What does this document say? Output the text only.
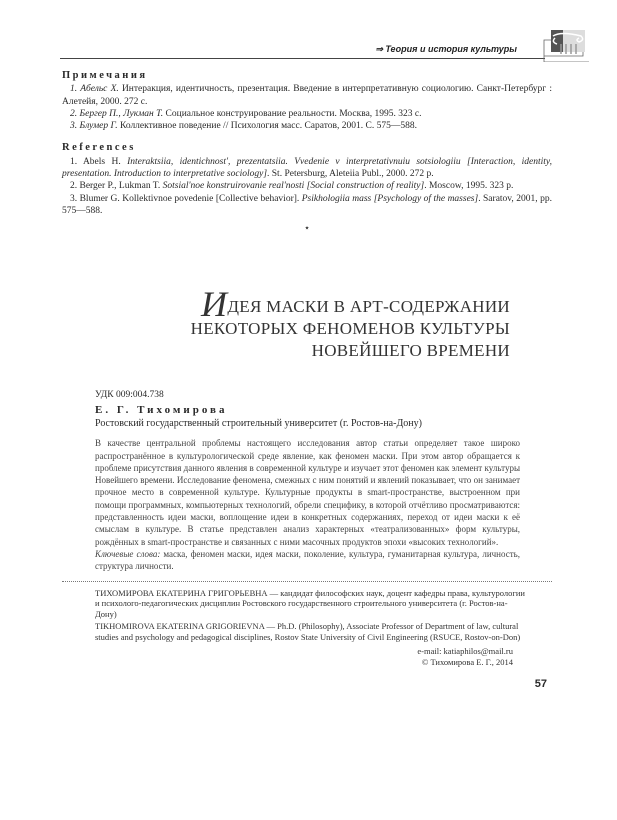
⇒ Теория и история культуры
Примечания
1. Абельс Х. Интеракция, идентичность, презентация. Введение в интерпретативную социологию. Санкт-Петербург : Алетейя, 2000. 272 с.
2. Бергер П., Лукман Т. Социальное конструирование реальности. Москва, 1995. 323 с.
3. Блумер Г. Коллективное поведение // Психология масс. Саратов, 2001. С. 575—588.
References
1. Abels H. Interaktsiia, identichnost', prezentatsiia. Vvedenie v interpretativnuiu sotsiologiiu [Interaction, identity, presentation. Introduction to interpretative sociology]. St. Petersburg, Aleteiia Publ., 2000. 272 p.
2. Berger P., Lukman T. Sotsial'noe konstruirovanie real'nosti [Social construction of reality]. Moscow, 1995. 323 p.
3. Blumer G. Kollektivnoe povedenie [Collective behavior]. Psikhologiia mass [Psychology of the masses]. Saratov, 2001, pp. 575—588.
⋆
ИДЕЯ МАСКИ В АРТ-СОДЕРЖАНИИ
НЕКОТОРЫХ ФЕНОМЕНОВ КУЛЬТУРЫ
НОВЕЙШЕГО ВРЕМЕНИ
УДК 009:004.738
Е. Г. Тихомирова
Ростовский государственный строительный университет (г. Ростов-на-Дону)
В качестве центральной проблемы настоящего исследования автор статьи определяет такое широко распространённое в культурологической среде явление, как феномен маски. При этом автор обращается к проблеме присутствия данного явления в современной культуре и изучает этот феномен как элемент культуры Новейшего времени. Исследование феномена, смежных с ним понятий и явлений показывает, что он занимает прочное место в современной культуре. Культурные продукты в smart-пространстве, выстроенном при помощи программных, компьютерных технологий, обрели специфику, в которой отчётливо просматриваются: представленность идеи маски, воплощение идеи в конкретных содержаниях, переход от идеи маски к её смыслам в культуре. В статье представлен анализ характерных «театрализованных» форм культуры, рождённых в smart-пространстве и связанных с ними масочных продуктов эпохи «высоких технологий».
Ключевые слова: маска, феномен маски, идея маски, поколение, культура, гуманитарная культура, личность, структура личности.

ТИХОМИРОВА ЕКАТЕРИНА ГРИГОРЬЕВНА — кандидат философских наук, доцент кафедры права, культурологии и психолого-педагогических дисциплин Ростовского государственного строительного университета (г. Ростов-на-Дону)

TIKHOMIROVA EKATERINA GRIGORIEVNA — Ph.D. (Philosophy), Associate Professor of Department of law, cultural studies and psychology and pedagogical disciplines, Rostov State University of Civil Engineering (RSUCE, Rostov-on-Don)

e-mail: katiaphilos@mail.ru
© Тихомирова Е. Г., 2014
57
